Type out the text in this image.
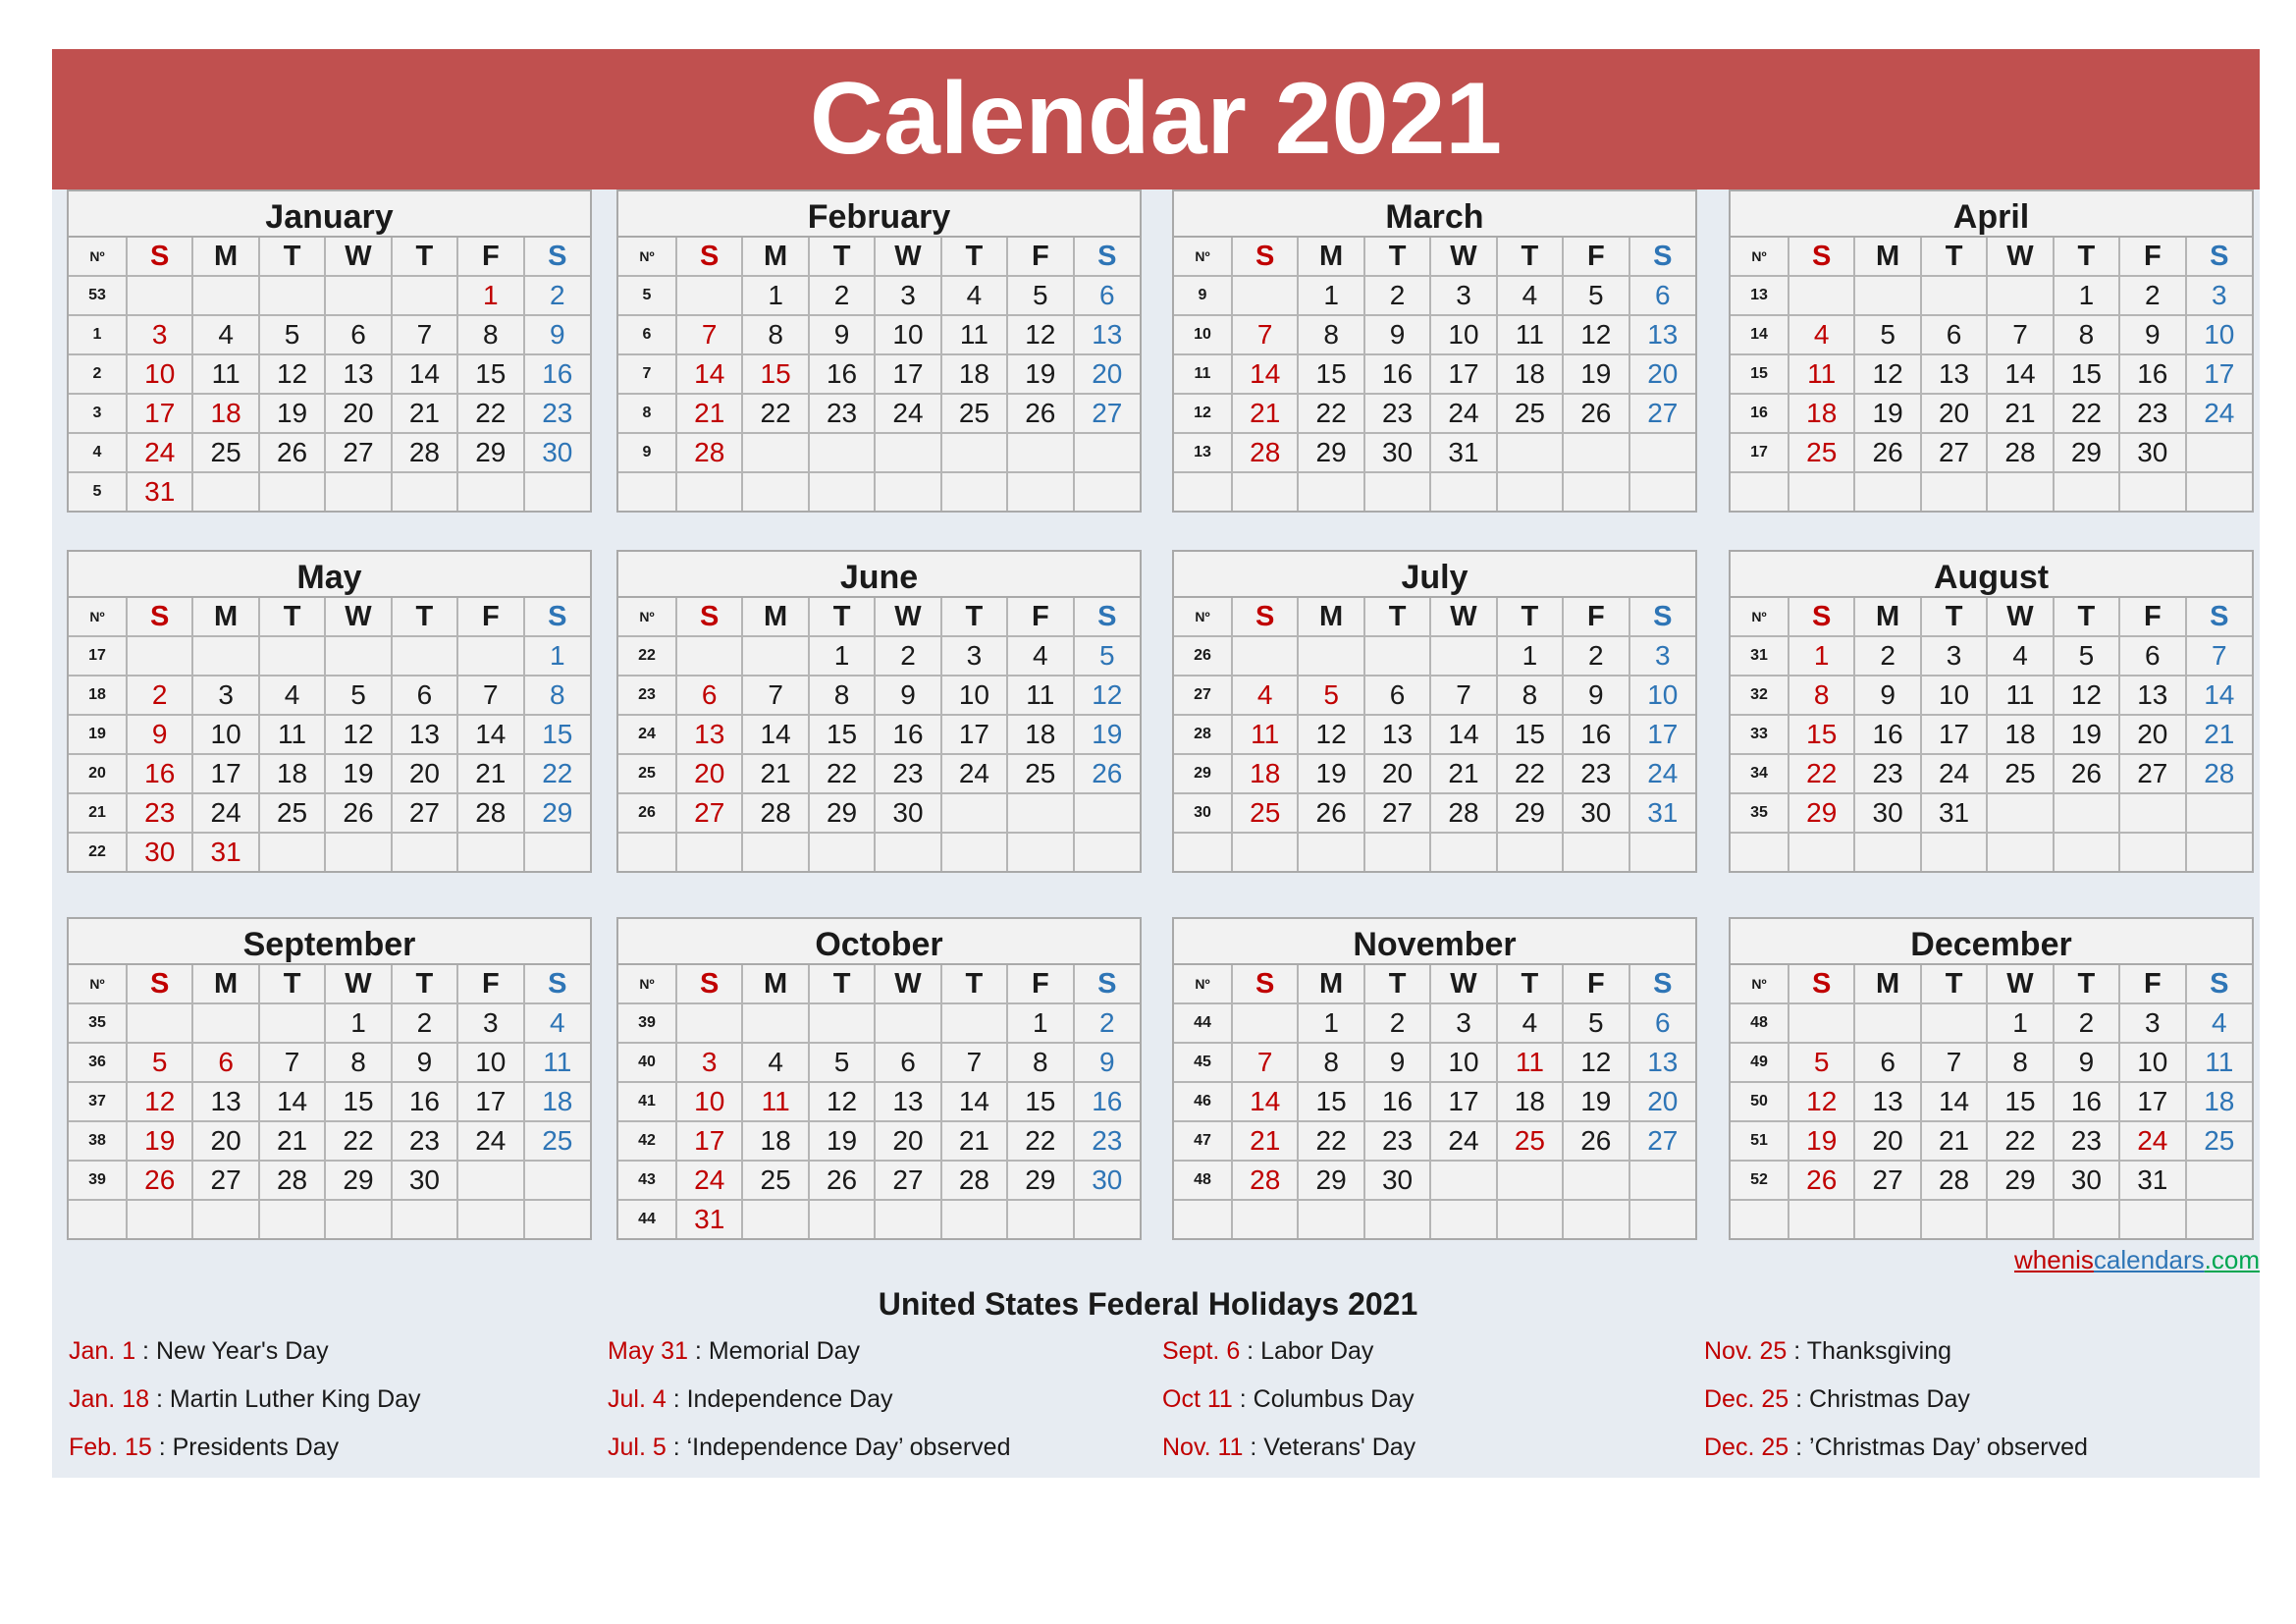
Calendar 2021
January
Nº	S	M	T	W	T	F	S
53						1	2
1	3	4	5	6	7	8	9
2	10	11	12	13	14	15	16
3	17	18	19	20	21	22	23
4	24	25	26	27	28	29	30
5	31						
February
Nº	S	M	T	W	T	F	S
5		1	2	3	4	5	6
6	7	8	9	10	11	12	13
7	14	15	16	17	18	19	20
8	21	22	23	24	25	26	27
9	28						

March
Nº	S	M	T	W	T	F	S
9		1	2	3	4	5	6
10	7	8	9	10	11	12	13
11	14	15	16	17	18	19	20
12	21	22	23	24	25	26	27
13	28	29	30	31			

April
Nº	S	M	T	W	T	F	S
13					1	2	3
14	4	5	6	7	8	9	10
15	11	12	13	14	15	16	17
16	18	19	20	21	22	23	24
17	25	26	27	28	29	30	

May
Nº	S	M	T	W	T	F	S
17							1
18	2	3	4	5	6	7	8
19	9	10	11	12	13	14	15
20	16	17	18	19	20	21	22
21	23	24	25	26	27	28	29
22	30	31					
June
Nº	S	M	T	W	T	F	S
22			1	2	3	4	5
23	6	7	8	9	10	11	12
24	13	14	15	16	17	18	19
25	20	21	22	23	24	25	26
26	27	28	29	30			

July
Nº	S	M	T	W	T	F	S
26					1	2	3
27	4	5	6	7	8	9	10
28	11	12	13	14	15	16	17
29	18	19	20	21	22	23	24
30	25	26	27	28	29	30	31

August
Nº	S	M	T	W	T	F	S
31	1	2	3	4	5	6	7
32	8	9	10	11	12	13	14
33	15	16	17	18	19	20	21
34	22	23	24	25	26	27	28
35	29	30	31				

September
Nº	S	M	T	W	T	F	S
35				1	2	3	4
36	5	6	7	8	9	10	11
37	12	13	14	15	16	17	18
38	19	20	21	22	23	24	25
39	26	27	28	29	30		

October
Nº	S	M	T	W	T	F	S
39						1	2
40	3	4	5	6	7	8	9
41	10	11	12	13	14	15	16
42	17	18	19	20	21	22	23
43	24	25	26	27	28	29	30
44	31						
November
Nº	S	M	T	W	T	F	S
44		1	2	3	4	5	6
45	7	8	9	10	11	12	13
46	14	15	16	17	18	19	20
47	21	22	23	24	25	26	27
48	28	29	30				

December
Nº	S	M	T	W	T	F	S
48				1	2	3	4
49	5	6	7	8	9	10	11
50	12	13	14	15	16	17	18
51	19	20	21	22	23	24	25
52	26	27	28	29	30	31	

wheniscalendars.com
United States Federal Holidays 2021
Jan. 1 : New Year's Day
Jan. 18 : Martin Luther King Day
Feb. 15 : Presidents Day
May 31 : Memorial Day
Jul. 4 : Independence Day
Jul. 5 : ‘Independence Day’ observed
Sept. 6 : Labor Day
Oct 11 : Columbus Day
Nov. 11 : Veterans' Day
Nov. 25 : Thanksgiving
Dec. 25 : Christmas Day
Dec. 25 : ’Christmas Day’ observed
